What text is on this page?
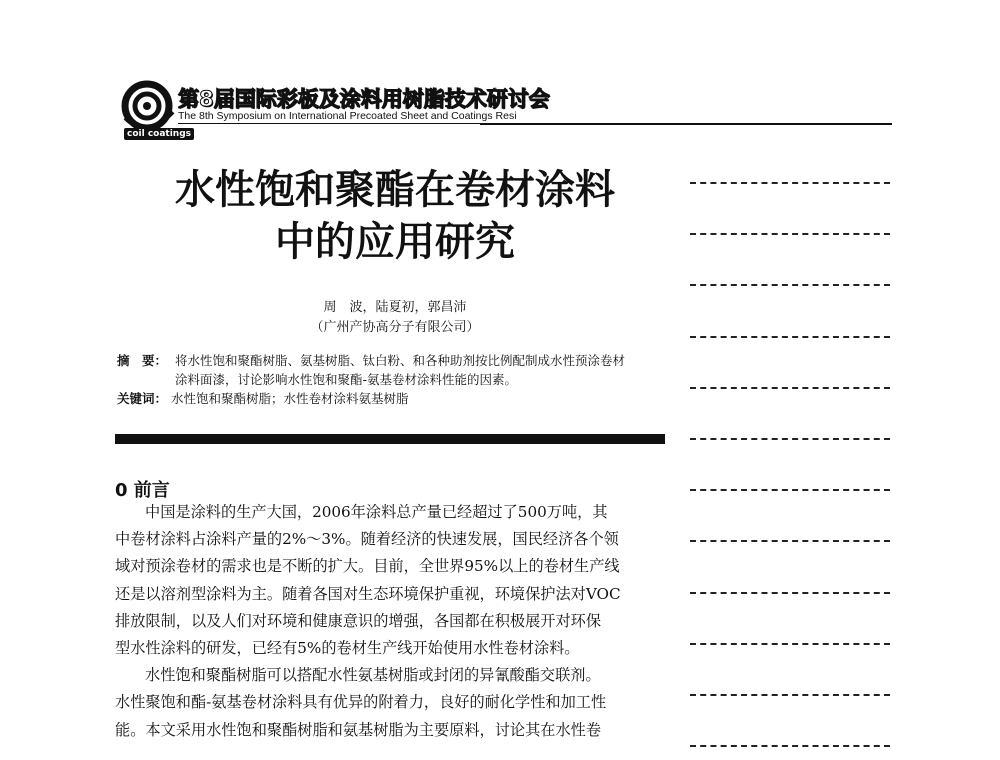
coil coatings
第8届国际彩板及涂料用树脂技术研讨会
The 8th Symposium on International Precoated Sheet and Coatings Resi
水性饱和聚酯在卷材涂料
中的应用研究
周　波，陆夏初，郭昌沛
（广州产协高分子有限公司）
摘　要： 将水性饱和聚酯树脂、氨基树脂、钛白粉、和各种助剂按比例配制成水性预涂卷材
涂料面漆，讨论影响水性饱和聚酯-氨基卷材涂料性能的因素。
关键词： 水性饱和聚酯树脂；水性卷材涂料氨基树脂
0 前言
中国是涂料的生产大国，2006年涂料总产量已经超过了500万吨，其
中卷材涂料占涂料产量的2%～3%。随着经济的快速发展，国民经济各个领
域对预涂卷材的需求也是不断的扩大。目前，全世界95%以上的卷材生产线
还是以溶剂型涂料为主。随着各国对生态环境保护重视，环境保护法对VOC
排放限制，以及人们对环境和健康意识的增强，各国都在积极展开对环保
型水性涂料的研发，已经有5%的卷材生产线开始使用水性卷材涂料。
水性饱和聚酯树脂可以搭配水性氨基树脂或封闭的异氰酸酯交联剂。
水性聚饱和酯-氨基卷材涂料具有优异的附着力，良好的耐化学性和加工性
能。本文采用水性饱和聚酯树脂和氨基树脂为主要原料，讨论其在水性卷
